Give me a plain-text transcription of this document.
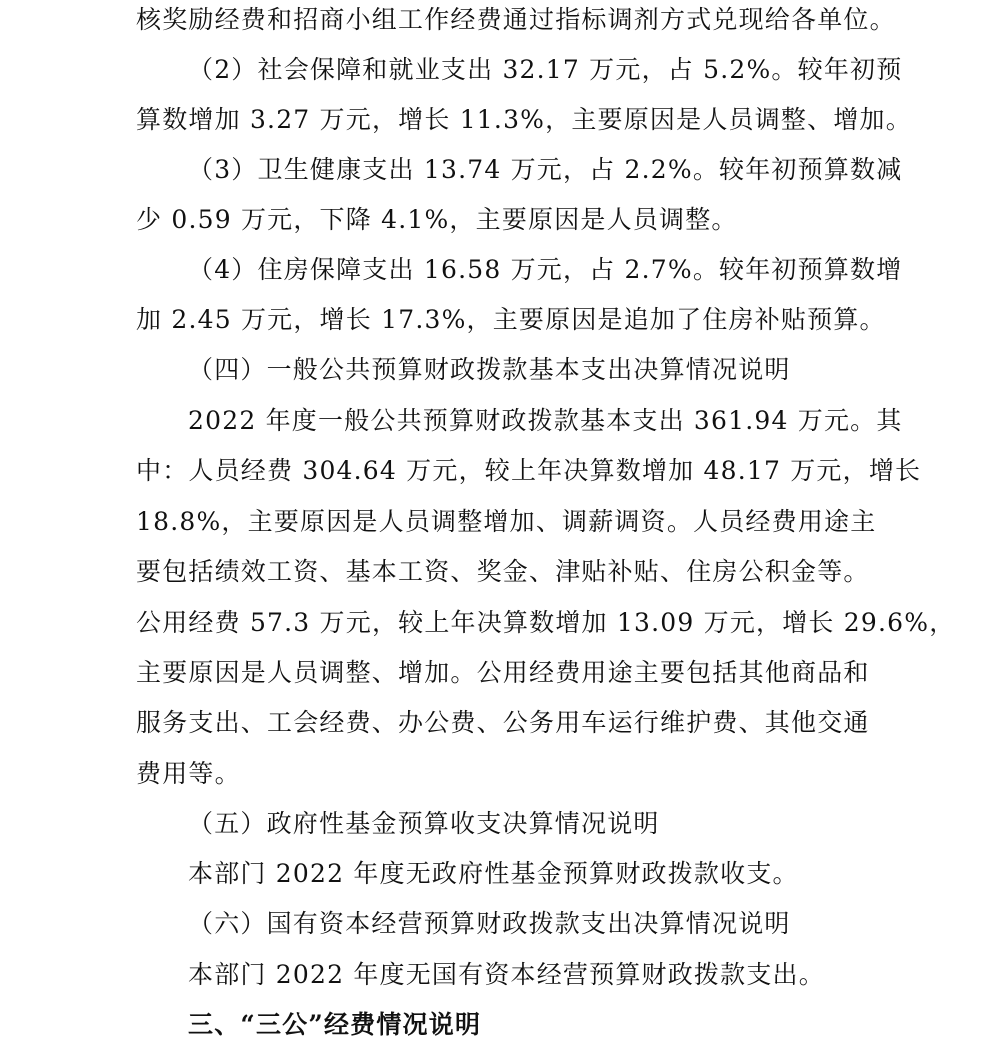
核奖励经费和招商小组工作经费通过指标调剂方式兑现给各单位。
（2）社会保障和就业支出 32.17 万元，占 5.2%。较年初预
算数增加 3.27 万元，增长 11.3%，主要原因是人员调整、增加。
（3）卫生健康支出 13.74 万元，占 2.2%。较年初预算数减
少 0.59 万元，下降 4.1%，主要原因是人员调整。
（4）住房保障支出 16.58 万元，占 2.7%。较年初预算数增
加 2.45 万元，增长 17.3%，主要原因是追加了住房补贴预算。
（四）一般公共预算财政拨款基本支出决算情况说明
2022 年度一般公共预算财政拨款基本支出 361.94 万元。其
中：人员经费 304.64 万元，较上年决算数增加 48.17 万元，增长
18.8%，主要原因是人员调整增加、调薪调资。人员经费用途主
要包括绩效工资、基本工资、奖金、津贴补贴、住房公积金等。
公用经费 57.3 万元，较上年决算数增加 13.09 万元，增长 29.6%，
主要原因是人员调整、增加。公用经费用途主要包括其他商品和
服务支出、工会经费、办公费、公务用车运行维护费、其他交通
费用等。
（五）政府性基金预算收支决算情况说明
本部门 2022 年度无政府性基金预算财政拨款收支。
（六）国有资本经营预算财政拨款支出决算情况说明
本部门 2022 年度无国有资本经营预算财政拨款支出。
三、“三公”经费情况说明
